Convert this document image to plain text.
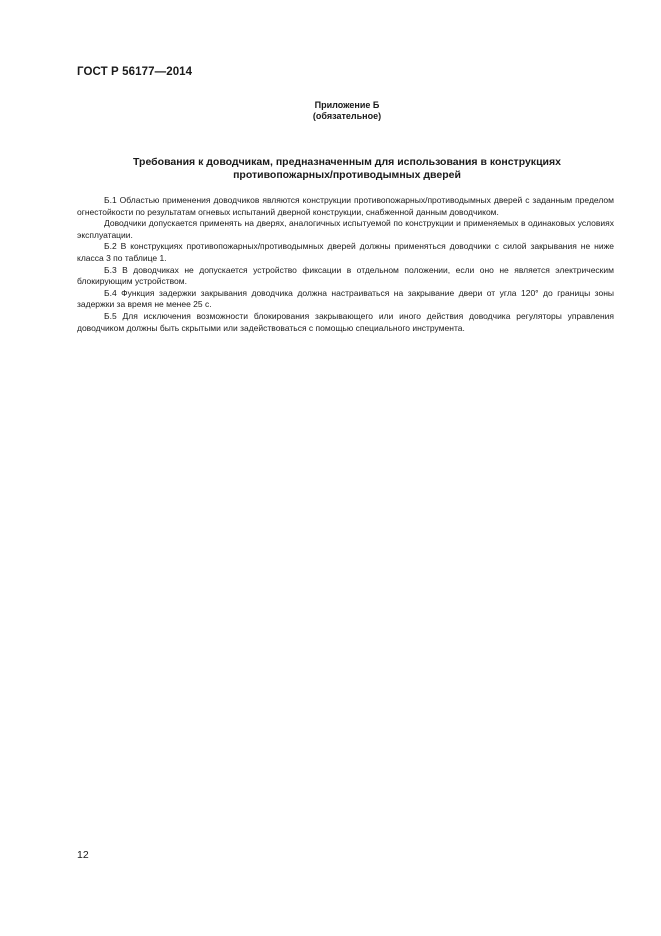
ГОСТ Р 56177—2014
Приложение Б
(обязательное)
Требования к доводчикам, предназначенным для использования в конструкциях
противопожарных/противодымных дверей

Б.1 Областью применения доводчиков являются конструкции противопожарных/противодымных дверей с заданным пределом огнестойкости по результатам огневых испытаний дверной конструкции, снабженной данным доводчиком.

Доводчики допускается применять на дверях, аналогичных испытуемой по конструкции и применяемых в одинаковых условиях эксплуатации.

Б.2 В конструкциях противопожарных/противодымных дверей должны применяться доводчики с силой закрывания не ниже класса 3 по таблице 1.

Б.3 В доводчиках не допускается устройство фиксации в отдельном положении, если оно не является электрическим блокирующим устройством.

Б.4 Функция задержки закрывания доводчика должна настраиваться на закрывание двери от угла 120° до границы зоны задержки за время не менее 25 с.

Б.5 Для исключения возможности блокирования закрывающего или иного действия доводчика регуляторы управления доводчиком должны быть скрытыми или задействоваться с помощью специального инструмента.

12
